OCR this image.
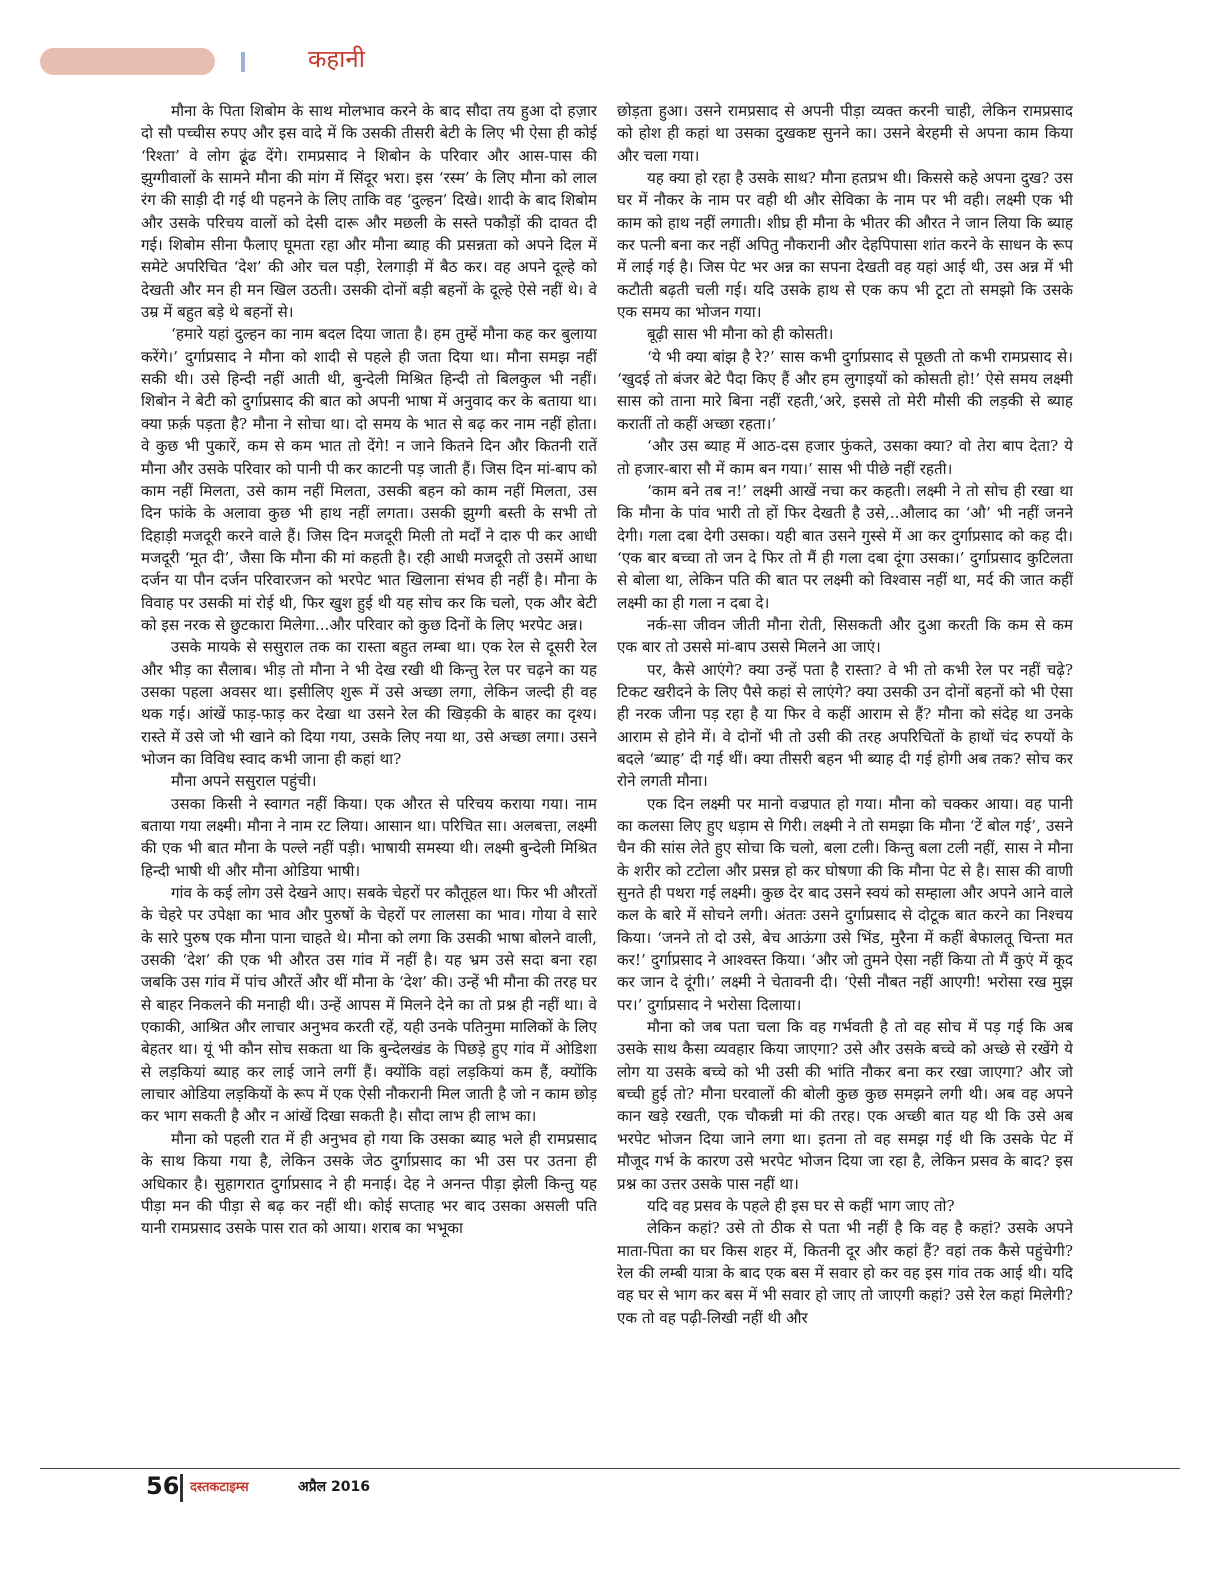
कहानी

मौना के पिता शिबोम के साथ मोलभाव करने के बाद सौदा तय हुआ दो हज़ार दो सौ पच्चीस रुपए और इस वादे में कि उसकी तीसरी बेटी के लिए भी ऐसा ही कोई ‘रिश्ता’ वे लोग ढूंढ देंगे। रामप्रसाद ने शिबोन के परिवार और आस-पास की झुग्गीवालों के सामने मौना की मांग में सिंदूर भरा। इस ‘रस्म’ के लिए मौना को लाल रंग की साड़ी दी गई थी पहनने के लिए ताकि वह ‘दुल्हन’ दिखे। शादी के बाद शिबोम और उसके परिचय वालों को देसी दारू और मछली के सस्ते पकौड़ों की दावत दी गई। शिबोम सीना फैलाए घूमता रहा और मौना ब्याह की प्रसन्नता को अपने दिल में समेटे अपरिचित ‘देश’ की ओर चल पड़ी, रेलगाड़ी में बैठ कर। वह अपने दूल्हे को देखती और मन ही मन खिल उठती। उसकी दोनों बड़ी बहनों के दूल्हे ऐसे नहीं थे। वे उम्र में बहुत बड़े थे बहनों से।

‘हमारे यहां दुल्हन का नाम बदल दिया जाता है। हम तुम्हें मौना कह कर बुलाया करेंगे।’ दुर्गाप्रसाद ने मौना को शादी से पहले ही जता दिया था। मौना समझ नहीं सकी थी। उसे हिन्दी नहीं आती थी, बुन्देली मिश्रित हिन्दी तो बिलकुल भी नहीं। शिबोन ने बेटी को दुर्गाप्रसाद की बात को अपनी भाषा में अनुवाद कर के बताया था। क्या फ़र्क़ पड़ता है? मौना ने सोचा था। दो समय के भात से बढ़ कर नाम नहीं होता। वे कुछ भी पुकारें, कम से कम भात तो देंगे! न जाने कितने दिन और कितनी रातें मौना और उसके परिवार को पानी पी कर काटनी पड़ जाती हैं। जिस दिन मां-बाप को काम नहीं मिलता, उसे काम नहीं मिलता, उसकी बहन को काम नहीं मिलता, उस दिन फांके के अलावा कुछ भी हाथ नहीं लगता। उसकी झुग्गी बस्ती के सभी तो दिहाड़ी मजदूरी करने वाले हैं। जिस दिन मजदूरी मिली तो मर्दों ने दारु पी कर आधी मजदूरी ‘मूत दी’, जैसा कि मौना की मां कहती है। रही आधी मजदूरी तो उसमें आधा दर्जन या पौन दर्जन परिवारजन को भरपेट भात खिलाना संभव ही नहीं है। मौना के विवाह पर उसकी मां रोई थी, फिर खुश हुई थी यह सोच कर कि चलो, एक और बेटी को इस नरक से छुटकारा मिलेगा...और परिवार को कुछ दिनों के लिए भरपेट अन्न।

उसके मायके से ससुराल तक का रास्ता बहुत लम्बा था। एक रेल से दूसरी रेल और भीड़ का सैलाब। भीड़ तो मौना ने भी देख रखी थी किन्तु रेल पर चढ़ने का यह उसका पहला अवसर था। इसीलिए शुरू में उसे अच्छा लगा, लेकिन जल्दी ही वह थक गई। आंखें फाड़-फाड़ कर देखा था उसने रेल की खिड़की के बाहर का दृश्य। रास्ते में उसे जो भी खाने को दिया गया, उसके लिए नया था, उसे अच्छा लगा। उसने भोजन का विविध स्वाद कभी जाना ही कहां था?

मौना अपने ससुराल पहुंची।

उसका किसी ने स्वागत नहीं किया। एक औरत से परिचय कराया गया। नाम बताया गया लक्ष्मी। मौना ने नाम रट लिया। आसान था। परिचित सा। अलबत्ता, लक्ष्मी की एक भी बात मौना के पल्ले नहीं पड़ी। भाषायी समस्या थी। लक्ष्मी बुन्देली मिश्रित हिन्दी भाषी थी और मौना ओडिया भाषी।

गांव के कई लोग उसे देखने आए। सबके चेहरों पर कौतूहल था। फिर भी औरतों के चेहरे पर उपेक्षा का भाव और पुरुषों के चेहरों पर लालसा का भाव। गोया वे सारे के सारे पुरुष एक मौना पाना चाहते थे। मौना को लगा कि उसकी भाषा बोलने वाली, उसकी ‘देश’ की एक भी औरत उस गांव में नहीं है। यह भ्रम उसे सदा बना रहा जबकि उस गांव में पांच औरतें और थीं मौना के ‘देश’ की। उन्हें भी मौना की तरह घर से बाहर निकलने की मनाही थी। उन्हें आपस में मिलने देने का तो प्रश्न ही नहीं था। वे एकाकी, आश्रित और लाचार अनुभव करती रहें, यही उनके पतिनुमा मालिकों के लिए बेहतर था। यूं भी कौन सोच सकता था कि बुन्देलखंड के पिछड़े हुए गांव में ओडिशा से लड़कियां ब्याह कर लाई जाने लगीं हैं। क्योंकि वहां लड़कियां कम हैं, क्योंकि लाचार ओडिया लड़कियों के रूप में एक ऐसी नौकरानी मिल जाती है जो न काम छोड़ कर भाग सकती है और न आंखें दिखा सकती है। सौदा लाभ ही लाभ का।

मौना को पहली रात में ही अनुभव हो गया कि उसका ब्याह भले ही रामप्रसाद के साथ किया गया है, लेकिन उसके जेठ दुर्गाप्रसाद का भी उस पर उतना ही अधिकार है। सुहागरात दुर्गाप्रसाद ने ही मनाई। देह ने अनन्त पीड़ा झेली किन्तु यह पीड़ा मन की पीड़ा से बढ़ कर नहीं थी। कोई सप्ताह भर बाद उसका असली पति यानी रामप्रसाद उसके पास रात को आया। शराब का भभूका

छोड़ता हुआ। उसने रामप्रसाद से अपनी पीड़ा व्यक्त करनी चाही, लेकिन रामप्रसाद को होश ही कहां था उसका दुखकष्ट सुनने का। उसने बेरहमी से अपना काम किया और चला गया।

यह क्या हो रहा है उसके साथ? मौना हतप्रभ थी। किससे कहे अपना दुख? उस घर में नौकर के नाम पर वही थी और सेविका के नाम पर भी वही। लक्ष्मी एक भी काम को हाथ नहीं लगाती। शीघ्र ही मौना के भीतर की औरत ने जान लिया कि ब्याह कर पत्नी बना कर नहीं अपितु नौकरानी और देहपिपासा शांत करने के साधन के रूप में लाई गई है। जिस पेट भर अन्न का सपना देखती वह यहां आई थी, उस अन्न में भी कटौती बढ़ती चली गई। यदि उसके हाथ से एक कप भी टूटा तो समझो कि उसके एक समय का भोजन गया।

बूढ़ी सास भी मौना को ही कोसती।

‘ये भी क्या बांझ है रे?’ सास कभी दुर्गाप्रसाद से पूछती तो कभी रामप्रसाद से। ‘खुदई तो बंजर बेटे पैदा किए हैं और हम लुगाइयों को कोसती हो!’ ऐसे समय लक्ष्मी सास को ताना मारे बिना नहीं रहती,‘अरे, इससे तो मेरी मौसी की लड़की से ब्याह करातीं तो कहीं अच्छा रहता।’

‘और उस ब्याह में आठ-दस हजार फुंकते, उसका क्या? वो तेरा बाप देता? ये तो हजार-बारा सौ में काम बन गया।’ सास भी पीछे नहीं रहती।

‘काम बने तब न!’ लक्ष्मी आखें नचा कर कहती। लक्ष्मी ने तो सोच ही रखा था कि मौना के पांव भारी तो हों फिर देखती है उसे,..औलाद का ‘औ’ भी नहीं जनने देगी। गला दबा देगी उसका। यही बात उसने गुस्से में आ कर दुर्गाप्रसाद को कह दी। ‘एक बार बच्चा तो जन दे फिर तो मैं ही गला दबा दूंगा उसका।’ दुर्गाप्रसाद कुटिलता से बोला था, लेकिन पति की बात पर लक्ष्मी को विश्वास नहीं था, मर्द की जात कहीं लक्ष्मी का ही गला न दबा दे।

नर्क-सा जीवन जीती मौना रोती, सिसकती और दुआ करती कि कम से कम एक बार तो उससे मां-बाप उससे मिलने आ जाएं।

पर, कैसे आएंगे? क्या उन्हें पता है रास्ता? वे भी तो कभी रेल पर नहीं चढ़े? टिकट खरीदने के लिए पैसे कहां से लाएंगे? क्या उसकी उन दोनों बहनों को भी ऐसा ही नरक जीना पड़ रहा है या फिर वे कहीं आराम से हैं? मौना को संदेह था उनके आराम से होने में। वे दोनों भी तो उसी की तरह अपरिचितों के हाथों चंद रुपयों के बदले ‘ब्याह’ दी गई थीं। क्या तीसरी बहन भी ब्याह दी गई होगी अब तक? सोच कर रोने लगती मौना।

एक दिन लक्ष्मी पर मानो वज्रपात हो गया। मौना को चक्कर आया। वह पानी का कलसा लिए हुए धड़ाम से गिरी। लक्ष्मी ने तो समझा कि मौना ‘टें बोल गई’, उसने चैन की सांस लेते हुए सोचा कि चलो, बला टली। किन्तु बला टली नहीं, सास ने मौना के शरीर को टटोला और प्रसन्न हो कर घोषणा की कि मौना पेट से है। सास की वाणी सुनते ही पथरा गई लक्ष्मी। कुछ देर बाद उसने स्वयं को सम्हाला और अपने आने वाले कल के बारे में सोचने लगी। अंततः उसने दुर्गाप्रसाद से दोटूक बात करने का निश्चय किया। ‘जनने तो दो उसे, बेच आऊंगा उसे भिंड, मुरैना में कहीं बेफालतू चिन्ता मत कर!’ दुर्गाप्रसाद ने आश्वस्त किया। ‘और जो तुमने ऐसा नहीं किया तो मैं कुएं में कूद कर जान दे दूंगी।’ लक्ष्मी ने चेतावनी दी। ‘ऐसी नौबत नहीं आएगी! भरोसा रख मुझ पर।’ दुर्गाप्रसाद ने भरोसा दिलाया।

मौना को जब पता चला कि वह गर्भवती है तो वह सोच में पड़ गई कि अब उसके साथ कैसा व्यवहार किया जाएगा? उसे और उसके बच्चे को अच्छे से रखेंगे ये लोग या उसके बच्चे को भी उसी की भांति नौकर बना कर रखा जाएगा? और जो बच्ची हुई तो? मौना घरवालों की बोली कुछ कुछ समझने लगी थी। अब वह अपने कान खड़े रखती, एक चौकन्नी मां की तरह। एक अच्छी बात यह थी कि उसे अब भरपेट भोजन दिया जाने लगा था। इतना तो वह समझ गई थी कि उसके पेट में मौजूद गर्भ के कारण उसे भरपेट भोजन दिया जा रहा है, लेकिन प्रसव के बाद? इस प्रश्न का उत्तर उसके पास नहीं था।

यदि वह प्रसव के पहले ही इस घर से कहीं भाग जाए तो?

लेकिन कहां? उसे तो ठीक से पता भी नहीं है कि वह है कहां? उसके अपने माता-पिता का घर किस शहर में, कितनी दूर और कहां हैं? वहां तक कैसे पहुंचेगी? रेल की लम्बी यात्रा के बाद एक बस में सवार हो कर वह इस गांव तक आई थी। यदि वह घर से भाग कर बस में भी सवार हो जाए तो जाएगी कहां? उसे रेल कहां मिलेगी? एक तो वह पढ़ी-लिखी नहीं थी और

56 दस्तकटाइम्स	अप्रैल 2016
